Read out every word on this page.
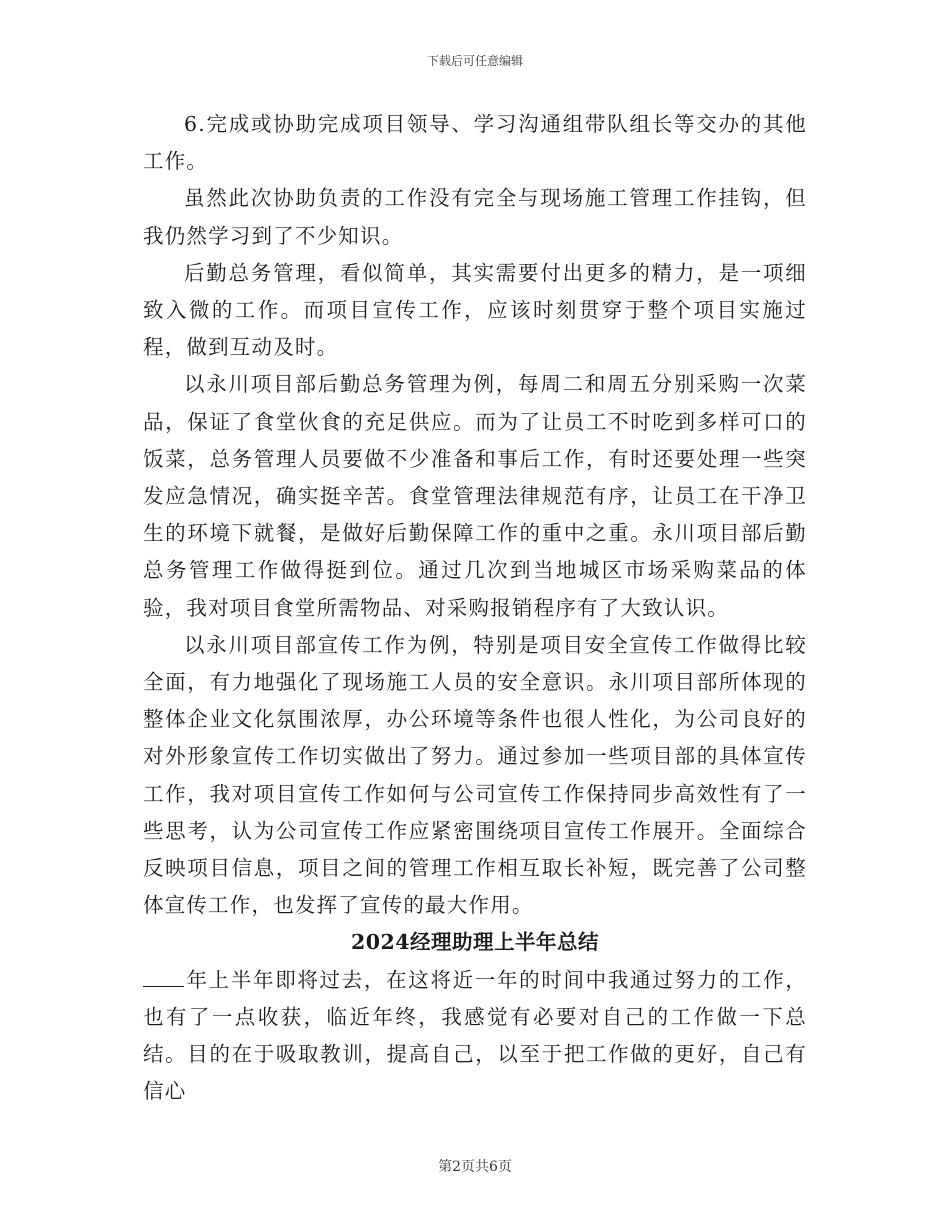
下载后可任意编辑

6.完成或协助完成项目领导、学习沟通组带队组长等交办的其他工作。

虽然此次协助负责的工作没有完全与现场施工管理工作挂钩，但我仍然学习到了不少知识。

后勤总务管理，看似简单，其实需要付出更多的精力，是一项细致入微的工作。而项目宣传工作，应该时刻贯穿于整个项目实施过程，做到互动及时。

以永川项目部后勤总务管理为例，每周二和周五分别采购一次菜品，保证了食堂伙食的充足供应。而为了让员工不时吃到多样可口的饭菜，总务管理人员要做不少准备和事后工作，有时还要处理一些突发应急情况，确实挺辛苦。食堂管理法律规范有序，让员工在干净卫生的环境下就餐，是做好后勤保障工作的重中之重。永川项目部后勤总务管理工作做得挺到位。通过几次到当地城区市场采购菜品的体验，我对项目食堂所需物品、对采购报销程序有了大致认识。

以永川项目部宣传工作为例，特别是项目安全宣传工作做得比较全面，有力地强化了现场施工人员的安全意识。永川项目部所体现的整体企业文化氛围浓厚，办公环境等条件也很人性化，为公司良好的对外形象宣传工作切实做出了努力。通过参加一些项目部的具体宣传工作，我对项目宣传工作如何与公司宣传工作保持同步高效性有了一些思考，认为公司宣传工作应紧密围绕项目宣传工作展开。全面综合反映项目信息，项目之间的管理工作相互取长补短，既完善了公司整体宣传工作，也发挥了宣传的最大作用。

2024经理助理上半年总结

年上半年即将过去，在这将近一年的时间中我通过努力的工作，也有了一点收获，临近年终，我感觉有必要对自己的工作做一下总结。目的在于吸取教训，提高自己，以至于把工作做的更好，自己有信心

第2页共6页
